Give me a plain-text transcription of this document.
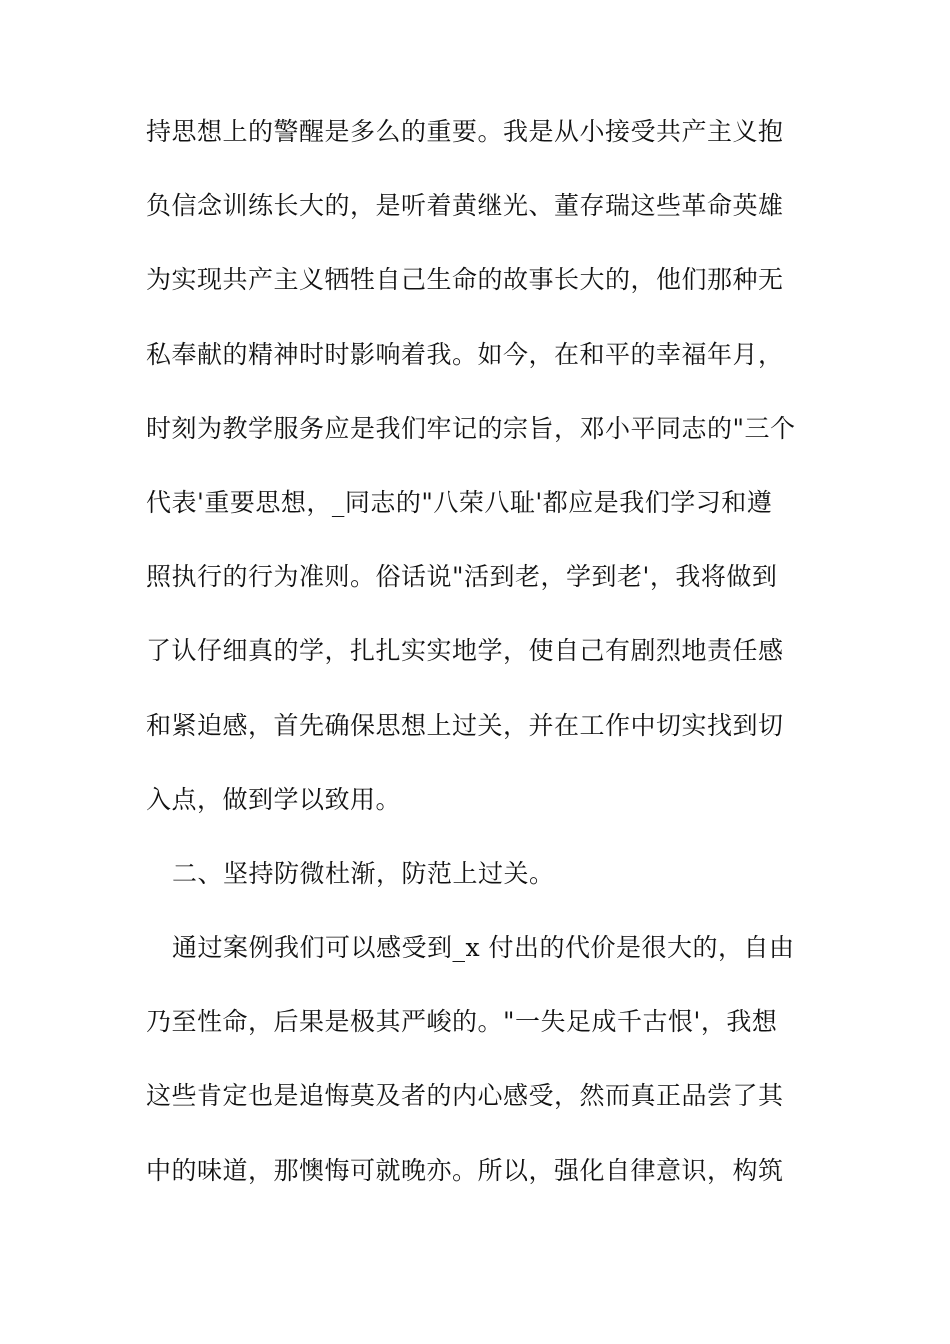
持思想上的警醒是多么的重要。我是从小接受共产主义抱
负信念训练长大的，是听着黄继光、董存瑞这些革命英雄
为实现共产主义牺牲自己生命的故事长大的，他们那种无
私奉献的精神时时影响着我。如今，在和平的幸福年月，
时刻为教学服务应是我们牢记的宗旨，邓小平同志的"三个
代表'重要思想，_同志的"八荣八耻'都应是我们学习和遵
照执行的行为准则。俗话说"活到老，学到老'，我将做到
了认仔细真的学，扎扎实实地学，使自己有剧烈地责任感
和紧迫感，首先确保思想上过关，并在工作中切实找到切
入点，做到学以致用。
二、坚持防微杜渐，防范上过关。
通过案例我们可以感受到_x 付出的代价是很大的，自由
乃至性命，后果是极其严峻的。"一失足成千古恨'，我想
这些肯定也是追悔莫及者的内心感受，然而真正品尝了其
中的味道，那懊悔可就晚亦。所以，强化自律意识，构筑
